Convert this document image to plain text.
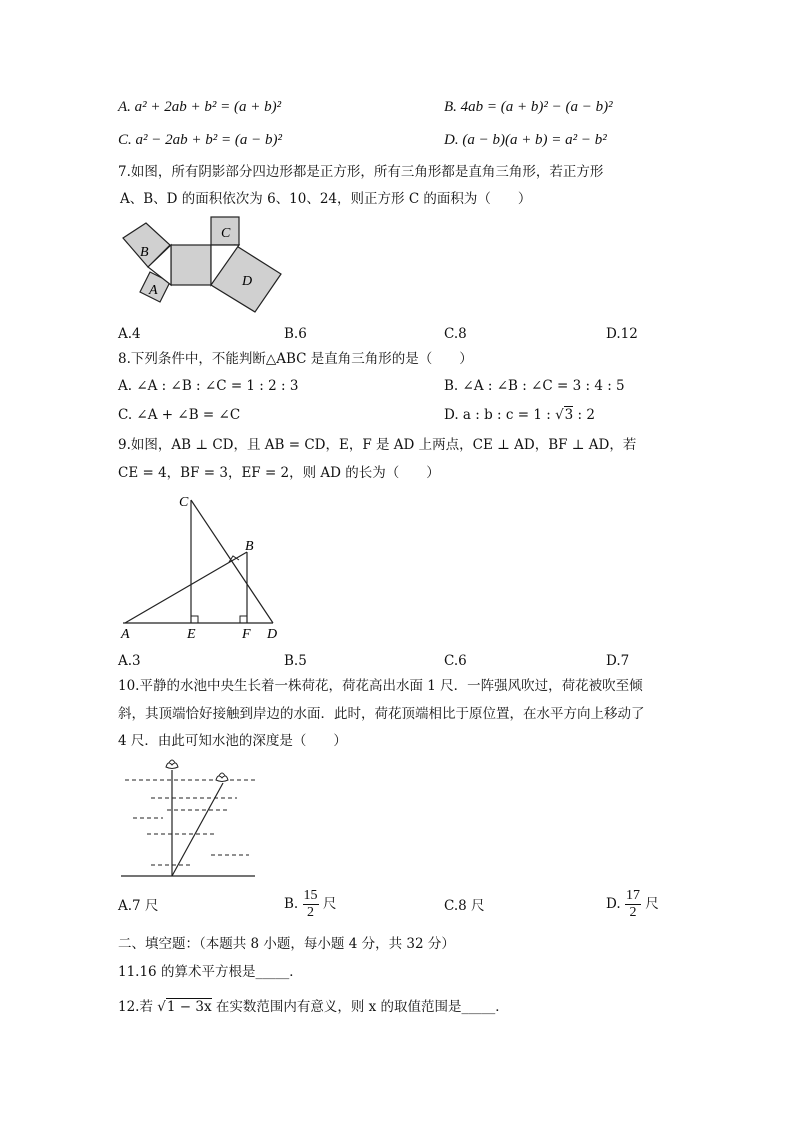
A. a² + 2ab + b² = (a + b)²	B. 4ab = (a + b)² − (a − b)²
C. a² − 2ab + b² = (a − b)²	D. (a − b)(a + b) = a² − b²
7.如图，所有阴影部分四边形都是正方形，所有三角形都是直角三角形，若正方形
A、B、D 的面积依次为 6、10、24，则正方形 C 的面积为（　　）
B
C
A
D
A.4	B.6	C.8	D.12
8.下列条件中，不能判断△ABC 是直角三角形的是（　　）
A. ∠A : ∠B : ∠C = 1 : 2 : 3	B. ∠A : ∠B : ∠C = 3 : 4 : 5
C. ∠A + ∠B = ∠C	D. a : b : c = 1 : √3 : 2
9.如图，AB ⊥ CD，且 AB = CD，E，F 是 AD 上两点，CE ⊥ AD，BF ⊥ AD，若
CE = 4，BF = 3，EF = 2，则 AD 的长为（　　）
C
B
A	E	F D
A.3	B.5	C.6	D.7
10.平静的水池中央生长着一株荷花，荷花高出水面 1 尺．一阵强风吹过，荷花被吹至倾
斜，其顶端恰好接触到岸边的水面．此时，荷花顶端相比于原位置，在水平方向上移动了
4 尺．由此可知水池的深度是（　　）
A.7 尺	B. $\frac{15}{2}$ 尺	C.8 尺	D. $\frac{17}{2}$ 尺
二、填空题：（本题共 8 小题，每小题 4 分，共 32 分）
11.16 的算术平方根是_____．
12.若 √1 − 3x 在实数范围内有意义，则 x 的取值范围是_____．
